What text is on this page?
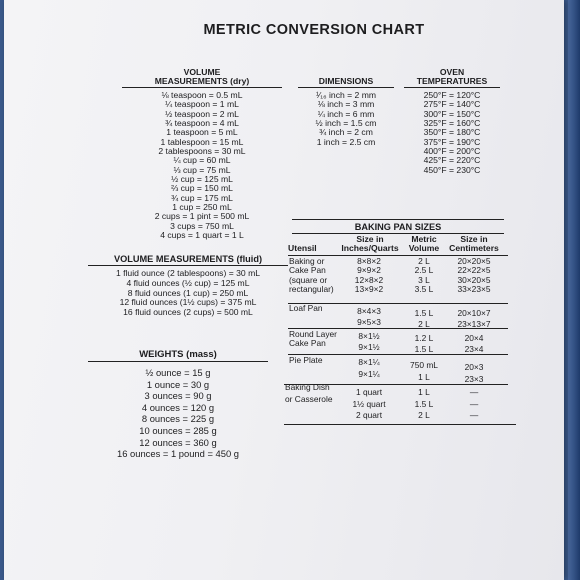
METRIC CONVERSION CHART
VOLUME
MEASUREMENTS (dry)
⅛ teaspoon = 0.5 mL
¼ teaspoon = 1 mL
½ teaspoon = 2 mL
¾ teaspoon = 4 mL
1 teaspoon = 5 mL
1 tablespoon = 15 mL
2 tablespoons = 30 mL
¼ cup = 60 mL
⅓ cup = 75 mL
½ cup = 125 mL
⅔ cup = 150 mL
¾ cup = 175 mL
1 cup = 250 mL
2 cups = 1 pint = 500 mL
3 cups = 750 mL
4 cups = 1 quart = 1 L
DIMENSIONS
¹⁄₁₆ inch = 2 mm
⅛ inch = 3 mm
¼ inch = 6 mm
½ inch = 1.5 cm
¾ inch = 2 cm
1 inch = 2.5 cm
OVEN
TEMPERATURES
250°F = 120°C
275°F = 140°C
300°F = 150°C
325°F = 160°C
350°F = 180°C
375°F = 190°C
400°F = 200°C
425°F = 220°C
450°F = 230°C
VOLUME MEASUREMENTS (fluid)
1 fluid ounce (2 tablespoons) = 30 mL
4 fluid ounces (½ cup) = 125 mL
8 fluid ounces (1 cup) = 250 mL
12 fluid ounces (1½ cups) = 375 mL
16 fluid ounces (2 cups) = 500 mL
WEIGHTS (mass)
½ ounce = 15 g
1 ounce = 30 g
3 ounces = 90 g
4 ounces = 120 g
8 ounces = 225 g
10 ounces = 285 g
12 ounces = 360 g
16 ounces = 1 pound = 450 g
BAKING PAN SIZES
Utensil
Size in
Inches/Quarts
Metric
Volume
Size in
Centimeters
Baking or
Cake Pan
(square or
rectangular)
8×8×2
9×9×2
12×8×2
13×9×2
2 L
2.5 L
3 L
3.5 L
20×20×5
22×22×5
30×20×5
33×23×5
Loaf Pan	8×4×3
9×5×3
1.5 L
2 L
20×10×7
23×13×7
Round Layer
Cake Pan
8×1½
9×1½
1.2 L
1.5 L
20×4
23×4
Pie Plate	8×1¼
9×1¼
750 mL
1 L
20×3
23×3
Baking Dish
or Casserole
1 quart
1½ quart
2 quart
1 L
1.5 L
2 L
—
—
—
